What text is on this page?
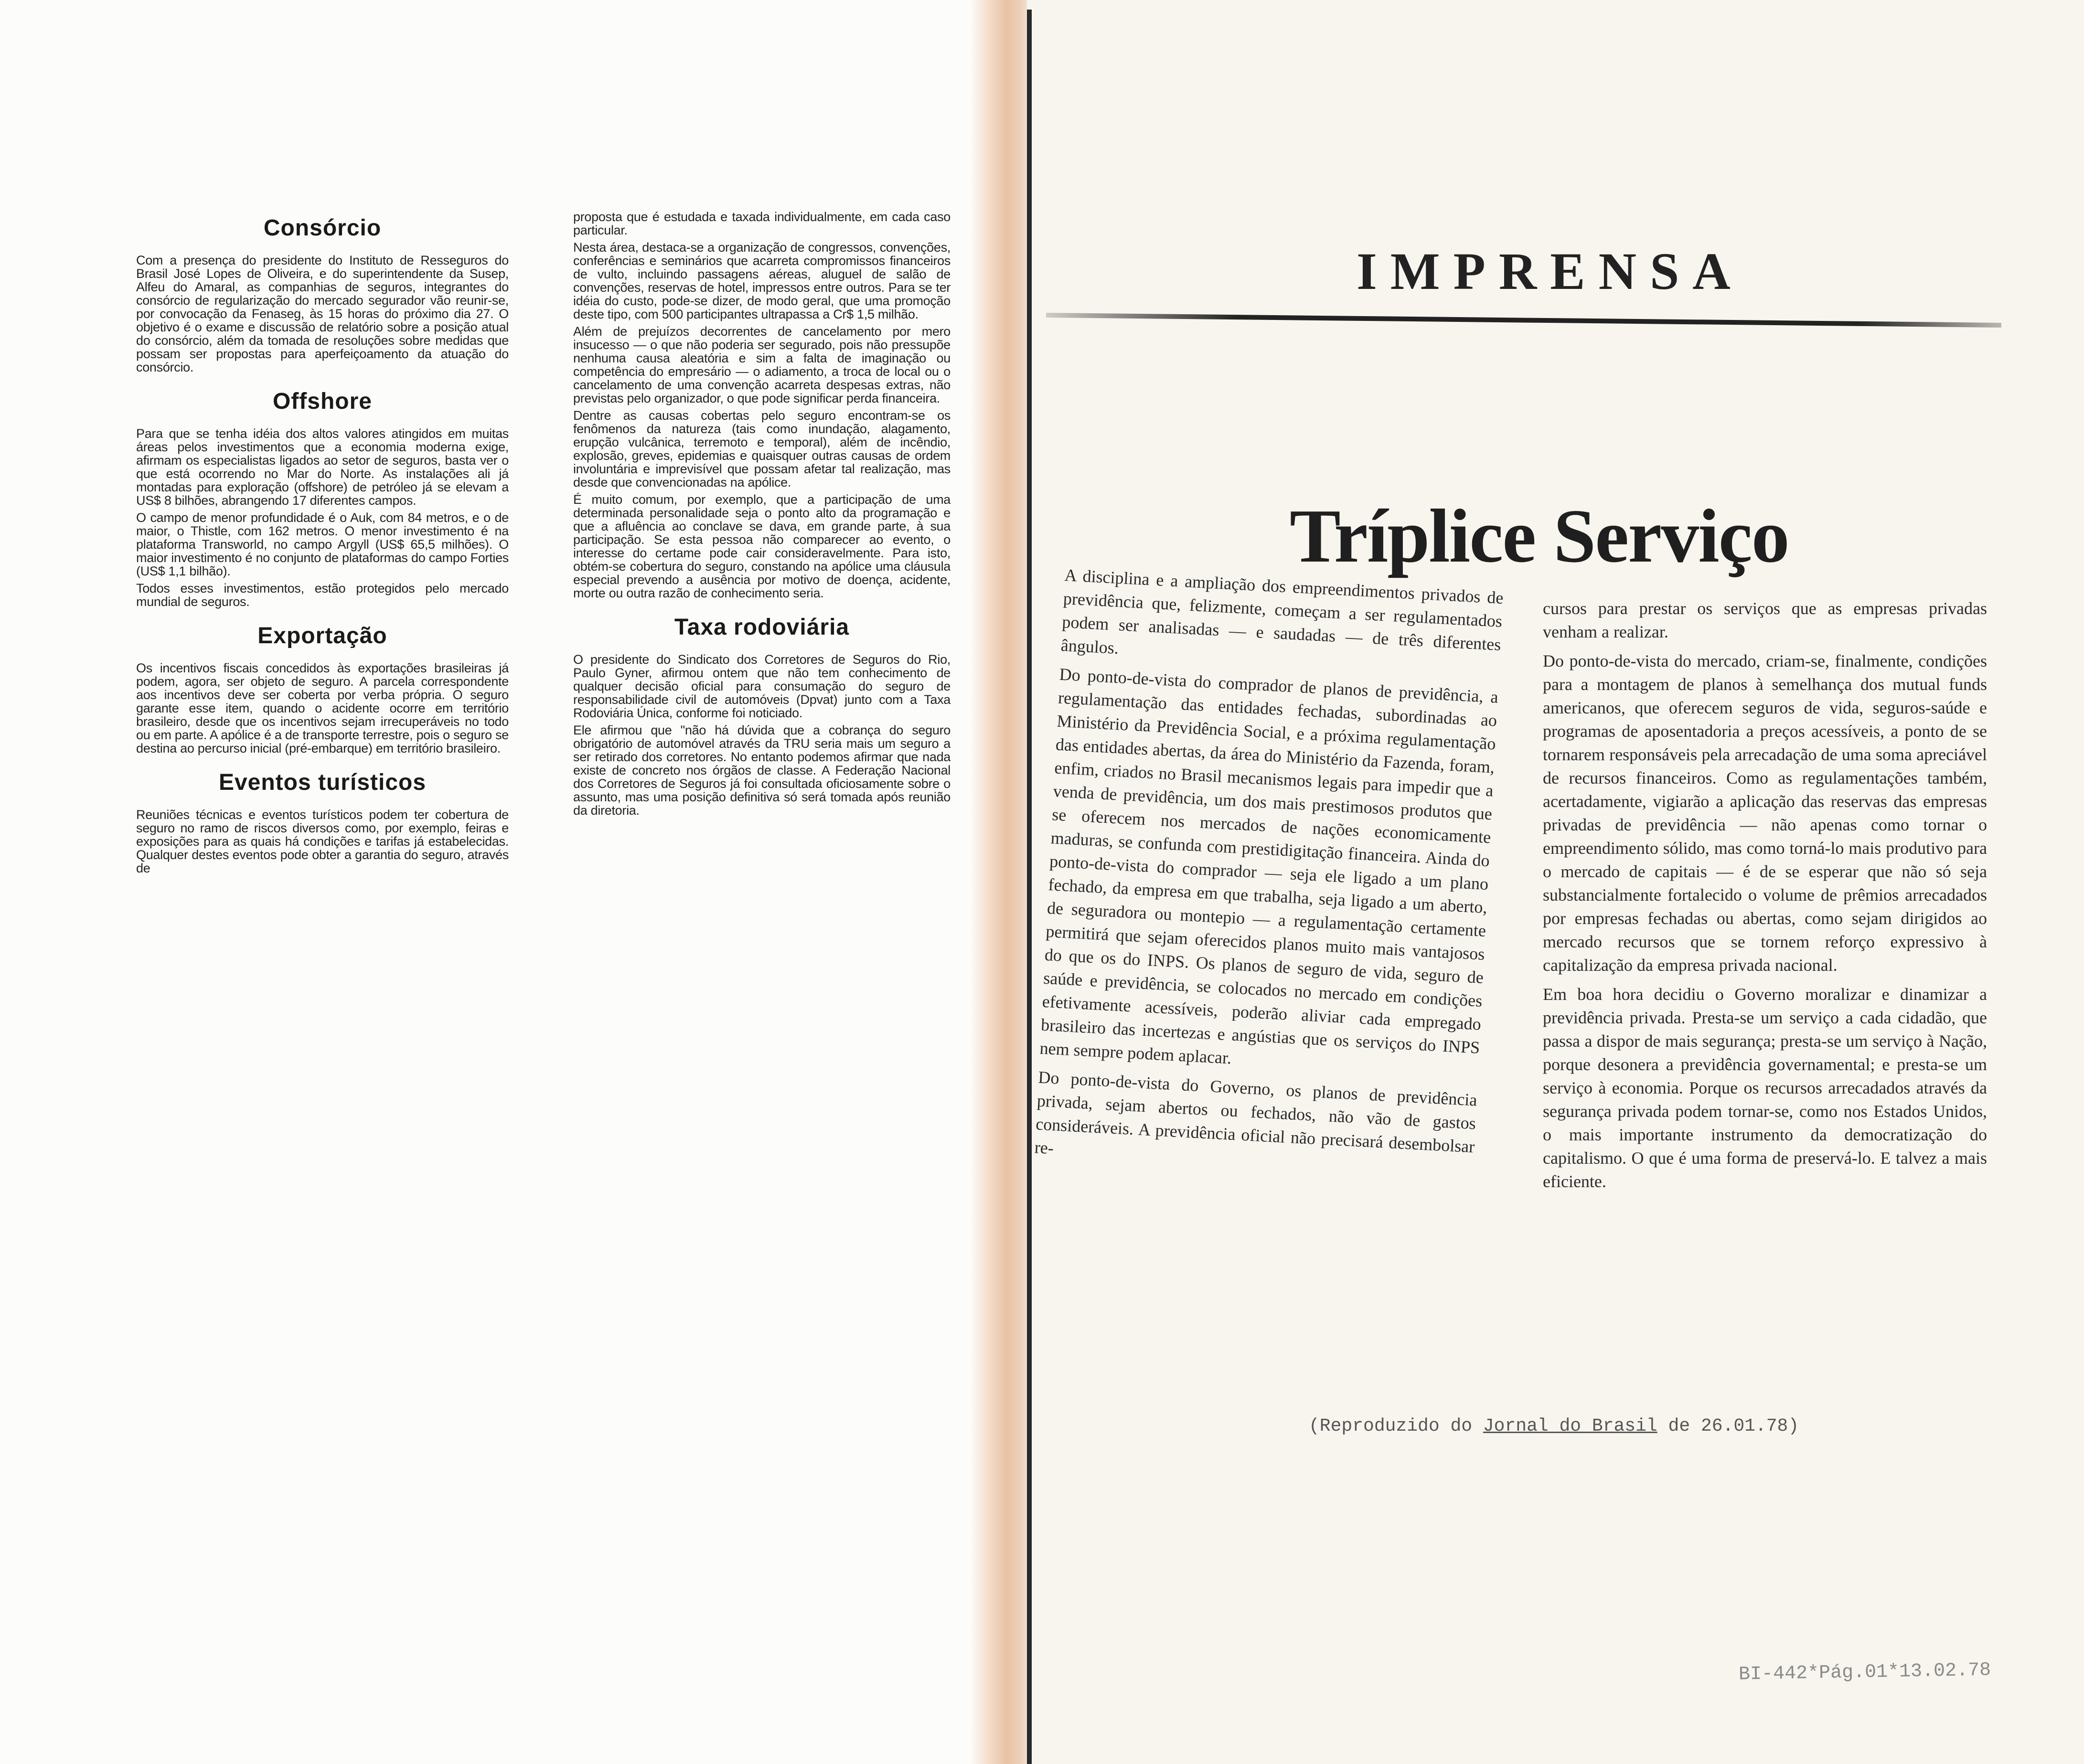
Consórcio

Com a presença do presidente do Instituto de Resseguros do Brasil José Lopes de Oliveira, e do superintendente da Susep, Alfeu do Amaral, as companhias de seguros, integrantes do consórcio de regularização do mercado segurador vão reunir-se, por convocação da Fenaseg, às 15 horas do próximo dia 27. O objetivo é o exame e discussão de relatório sobre a posição atual do consórcio, além da tomada de resoluções sobre medidas que possam ser propostas para aperfeiçoamento da atuação do consórcio.

Offshore

Para que se tenha idéia dos altos valores atingidos em muitas áreas pelos investimentos que a economia moderna exige, afirmam os especialistas ligados ao setor de seguros, basta ver o que está ocorrendo no Mar do Norte. As instalações ali já montadas para exploração (offshore) de petróleo já se elevam a US$ 8 bilhões, abrangendo 17 diferentes campos.

O campo de menor profundidade é o Auk, com 84 metros, e o de maior, o Thistle, com 162 metros. O menor investimento é na plataforma Transworld, no campo Argyll (US$ 65,5 milhões). O maior investimento é no conjunto de plataformas do campo Forties (US$ 1,1 bilhão).

Todos esses investimentos, estão protegidos pelo mercado mundial de seguros.

Exportação

Os incentivos fiscais concedidos às exportações brasileiras já podem, agora, ser objeto de seguro. A parcela correspondente aos incentivos deve ser coberta por verba própria. O seguro garante esse item, quando o acidente ocorre em território brasileiro, desde que os incentivos sejam irrecuperáveis no todo ou em parte. A apólice é a de transporte terrestre, pois o seguro se destina ao percurso inicial (pré-embarque) em território brasileiro.

Eventos turísticos

Reuniões técnicas e eventos turísticos podem ter cobertura de seguro no ramo de riscos diversos como, por exemplo, feiras e exposições para as quais há condições e tarifas já estabelecidas. Qualquer destes eventos pode obter a garantia do seguro, através de

proposta que é estudada e taxada individualmente, em cada caso particular.

Nesta área, destaca-se a organização de congressos, convenções, conferências e seminários que acarreta compromissos financeiros de vulto, incluindo passagens aéreas, aluguel de salão de convenções, reservas de hotel, impressos entre outros. Para se ter idéia do custo, pode-se dizer, de modo geral, que uma promoção deste tipo, com 500 participantes ultrapassa a Cr$ 1,5 milhão.

Além de prejuízos decorrentes de cancelamento por mero insucesso — o que não poderia ser segurado, pois não pressupõe nenhuma causa aleatória e sim a falta de imaginação ou competência do empresário — o adiamento, a troca de local ou o cancelamento de uma convenção acarreta despesas extras, não previstas pelo organizador, o que pode significar perda financeira.

Dentre as causas cobertas pelo seguro encontram-se os fenômenos da natureza (tais como inundação, alagamento, erupção vulcânica, terremoto e temporal), além de incêndio, explosão, greves, epidemias e quaisquer outras causas de ordem involuntária e imprevisível que possam afetar tal realização, mas desde que convencionadas na apólice.

É muito comum, por exemplo, que a participação de uma determinada personalidade seja o ponto alto da programação e que a afluência ao conclave se dava, em grande parte, à sua participação. Se esta pessoa não comparecer ao evento, o interesse do certame pode cair consideravelmente. Para isto, obtém-se cobertura do seguro, constando na apólice uma cláusula especial prevendo a ausência por motivo de doença, acidente, morte ou outra razão de conhecimento seria.

Taxa rodoviária

O presidente do Sindicato dos Corretores de Seguros do Rio, Paulo Gyner, afirmou ontem que não tem conhecimento de qualquer decisão oficial para consumação do seguro de responsabilidade civil de automóveis (Dpvat) junto com a Taxa Rodoviária Única, conforme foi noticiado.

Ele afirmou que "não há dúvida que a cobrança do seguro obrigatório de automóvel através da TRU seria mais um seguro a ser retirado dos corretores. No entanto podemos afirmar que nada existe de concreto nos órgãos de classe. A Federação Nacional dos Corretores de Seguros já foi consultada oficiosamente sobre o assunto, mas uma posição definitiva só será tomada após reunião da diretoria.

IMPRENSA
Tríplice Serviço

A disciplina e a ampliação dos empreendimentos privados de previdência que, felizmente, começam a ser regulamentados podem ser analisadas — e saudadas — de três diferentes ângulos.

Do ponto-de-vista do comprador de planos de previdência, a regulamentação das entidades fechadas, subordinadas ao Ministério da Previdência Social, e a próxima regulamentação das entidades abertas, da área do Ministério da Fazenda, foram, enfim, criados no Brasil mecanismos legais para impedir que a venda de previdência, um dos mais prestimosos produtos que se oferecem nos mercados de nações economicamente maduras, se confunda com prestidigitação financeira. Ainda do ponto-de-vista do comprador — seja ele ligado a um plano fechado, da empresa em que trabalha, seja ligado a um aberto, de seguradora ou montepio — a regulamentação certamente permitirá que sejam oferecidos planos muito mais vantajosos do que os do INPS. Os planos de seguro de vida, seguro de saúde e previdência, se colocados no mercado em condições efetivamente acessíveis, poderão aliviar cada empregado brasileiro das incertezas e angústias que os serviços do INPS nem sempre podem aplacar.

Do ponto-de-vista do Governo, os planos de previdência privada, sejam abertos ou fechados, não vão de gastos consideráveis. A previdência oficial não precisará desembolsar re-

cursos para prestar os serviços que as empresas privadas venham a realizar.

Do ponto-de-vista do mercado, criam-se, finalmente, condições para a montagem de planos à semelhança dos mutual funds americanos, que oferecem seguros de vida, seguros-saúde e programas de aposentadoria a preços acessíveis, a ponto de se tornarem responsáveis pela arrecadação de uma soma apreciável de recursos financeiros. Como as regulamentações também, acertadamente, vigiarão a aplicação das reservas das empresas privadas de previdência — não apenas como tornar o empreendimento sólido, mas como torná-lo mais produtivo para o mercado de capitais — é de se esperar que não só seja substancialmente fortalecido o volume de prêmios arrecadados por empresas fechadas ou abertas, como sejam dirigidos ao mercado recursos que se tornem reforço expressivo à capitalização da empresa privada nacional.

Em boa hora decidiu o Governo moralizar e dinamizar a previdência privada. Presta-se um serviço a cada cidadão, que passa a dispor de mais segurança; presta-se um serviço à Nação, porque desonera a previdência governamental; e presta-se um serviço à economia. Porque os recursos arrecadados através da segurança privada podem tornar-se, como nos Estados Unidos, o mais importante instrumento da democratização do capitalismo. O que é uma forma de preservá-lo. E talvez a mais eficiente.

(Reproduzido do Jornal do Brasil de 26.01.78)
BI-442*Pág.01*13.02.78
